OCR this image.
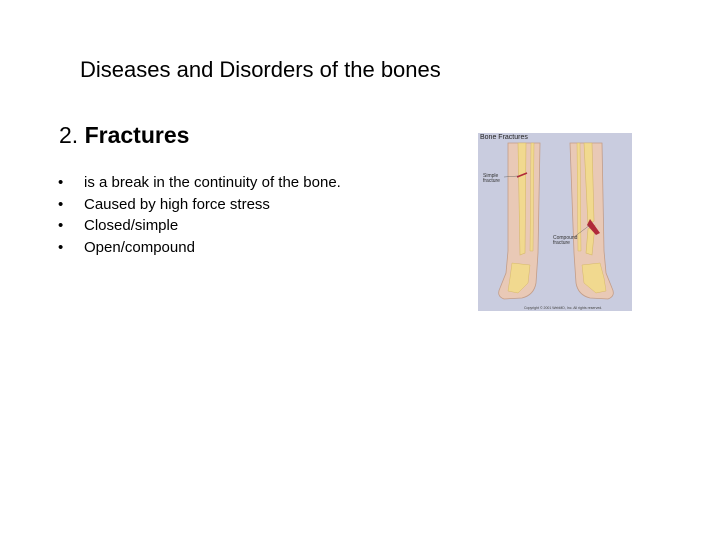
Diseases and Disorders of the bones
2. Fractures
• is a break in the continuity of the bone.
• Caused by high force stress
• Closed/simple
• Open/compound
Bone Fractures
Simple fracture
Compound fracture
Copyright © 2001 WebMD, Inc. All rights reserved.
